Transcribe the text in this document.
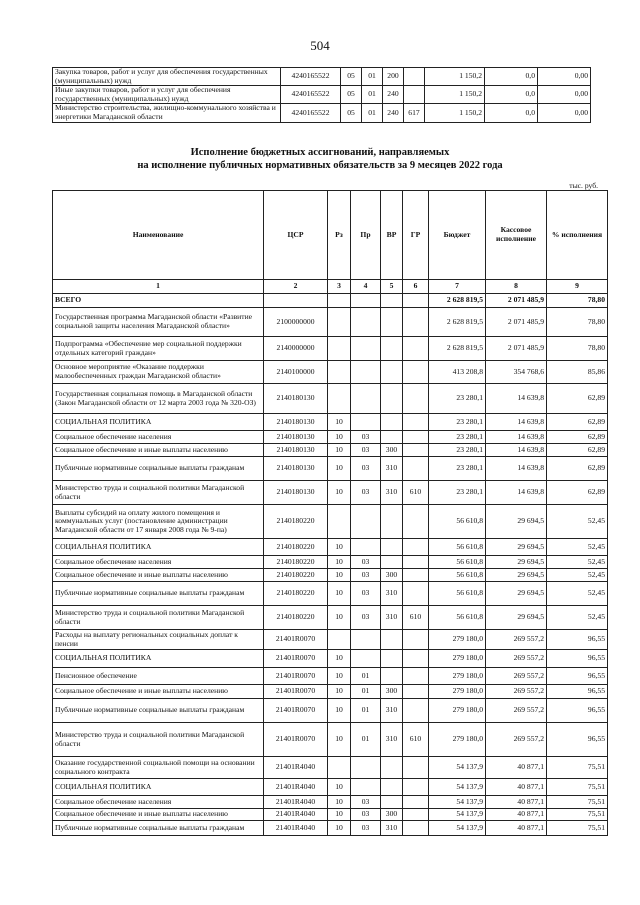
504
Закупка товаров, работ и услуг для обеспечения государственных (муниципальных) нужд	4240165522	05	01	200		1 150,2	0,0	0,00
Иные закупки товаров, работ и услуг для обеспечения государственных (муниципальных) нужд	4240165522	05	01	240		1 150,2	0,0	0,00
Министерство строительства, жилищно-коммунального хозяйства и энергетики Магаданской области	4240165522	05	01	240	617	1 150,2	0,0	0,00
Исполнение бюджетных ассигнований, направляемых
на исполнение публичных нормативных обязательств за 9 месяцев 2022 года
тыс. руб.
Наименование	ЦСР	Рз	Пр	ВР	ГР	Бюджет	Кассовое исполнение	% исполнения
1	2	3	4	5	6	7	8	9
ВСЕГО						2 628 819,5	2 071 485,9	78,80
Государственная программа Магаданской области «Развитие социальной защиты населения Магаданской области»	2100000000					2 628 819,5	2 071 485,9	78,80
Подпрограмма «Обеспечение мер социальной поддержки отдельных категорий граждан»	2140000000					2 628 819,5	2 071 485,9	78,80
Основное мероприятие «Оказание поддержки малообеспеченных граждан Магаданской области»	2140100000					413 208,8	354 768,6	85,86
Государственная социальная помощь в Магаданской области (Закон Магаданской области от 12 марта 2003 года № 320-ОЗ)	2140180130					23 280,1	14 639,8	62,89
СОЦИАЛЬНАЯ ПОЛИТИКА	2140180130	10				23 280,1	14 639,8	62,89
Социальное обеспечение населения	2140180130	10	03			23 280,1	14 639,8	62,89
Социальное обеспечение и иные выплаты населению	2140180130	10	03	300		23 280,1	14 639,8	62,89
Публичные нормативные социальные выплаты гражданам	2140180130	10	03	310		23 280,1	14 639,8	62,89
Министерство труда и социальной политики Магаданской области	2140180130	10	03	310	610	23 280,1	14 639,8	62,89
Выплаты субсидий на оплату жилого помещения и коммунальных услуг (постановление администрации Магаданской области от 17 января 2008 года № 9-па)	2140180220					56 610,8	29 694,5	52,45
СОЦИАЛЬНАЯ ПОЛИТИКА	2140180220	10				56 610,8	29 694,5	52,45
Социальное обеспечение населения	2140180220	10	03			56 610,8	29 694,5	52,45
Социальное обеспечение и иные выплаты населению	2140180220	10	03	300		56 610,8	29 694,5	52,45
Публичные нормативные социальные выплаты гражданам	2140180220	10	03	310		56 610,8	29 694,5	52,45
Министерство труда и социальной политики Магаданской области	2140180220	10	03	310	610	56 610,8	29 694,5	52,45
Расходы на выплату региональных социальных доплат к пенсии	21401R0070					279 180,0	269 557,2	96,55
СОЦИАЛЬНАЯ ПОЛИТИКА	21401R0070	10				279 180,0	269 557,2	96,55
Пенсионное обеспечение	21401R0070	10	01			279 180,0	269 557,2	96,55
Социальное обеспечение и иные выплаты населению	21401R0070	10	01	300		279 180,0	269 557,2	96,55
Публичные нормативные социальные выплаты гражданам	21401R0070	10	01	310		279 180,0	269 557,2	96,55
Министерство труда и социальной политики Магаданской области	21401R0070	10	01	310	610	279 180,0	269 557,2	96,55
Оказание государственной социальной помощи на основании социального контракта	21401R4040					54 137,9	40 877,1	75,51
СОЦИАЛЬНАЯ ПОЛИТИКА	21401R4040	10				54 137,9	40 877,1	75,51
Социальное обеспечение населения	21401R4040	10	03			54 137,9	40 877,1	75,51
Социальное обеспечение и иные выплаты населению	21401R4040	10	03	300		54 137,9	40 877,1	75,51
Публичные нормативные социальные выплаты гражданам	21401R4040	10	03	310		54 137,9	40 877,1	75,51
